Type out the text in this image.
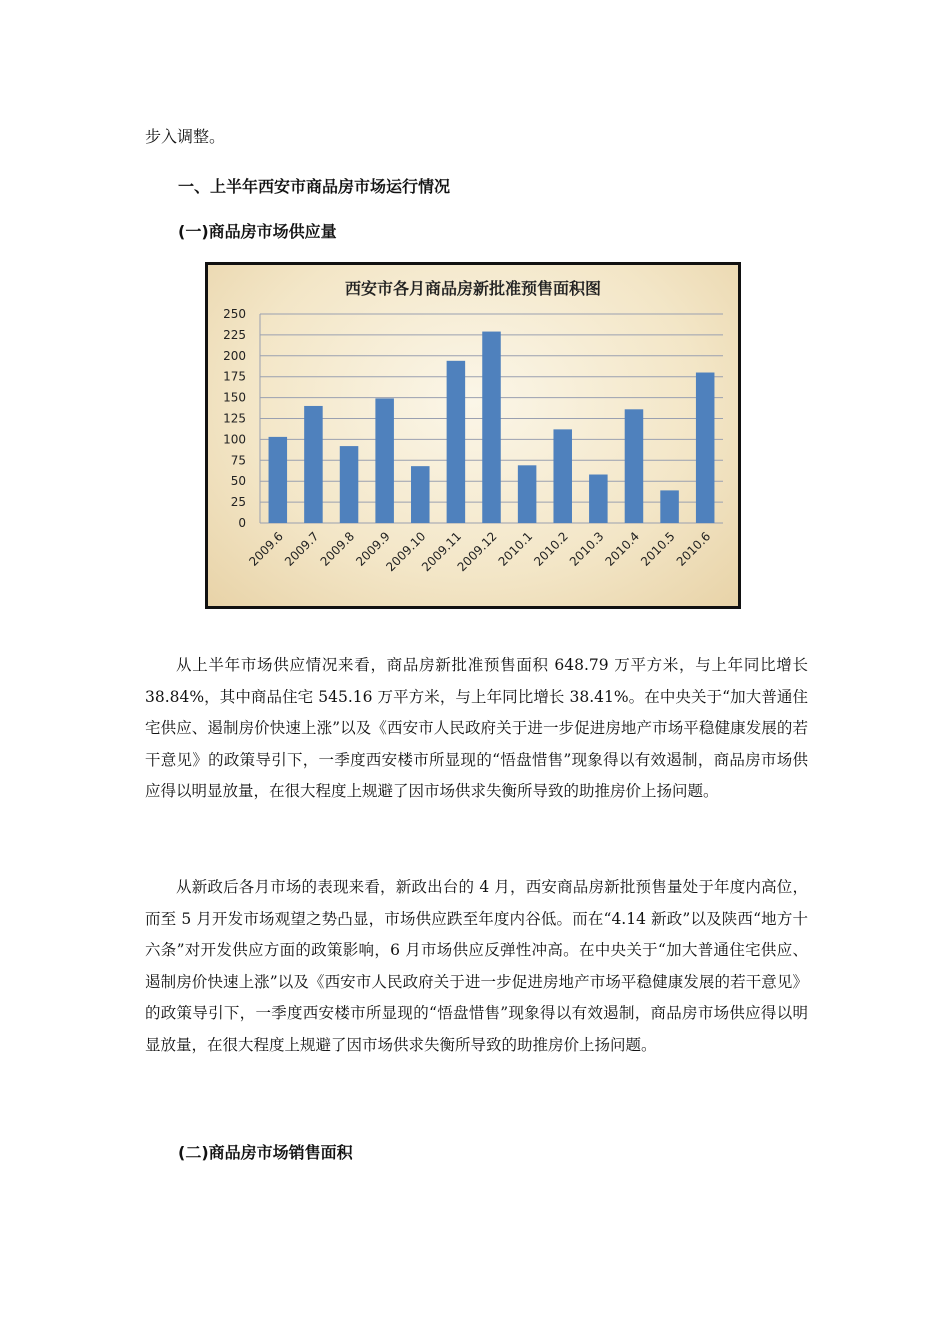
步入调整。
一、上半年西安市商品房市场运行情况
(一)商品房市场供应量
西安市各月商品房新批准预售面积图
0
25
50
75
100
125
150
175
200
225
250
2009.6
2009.7
2009.8
2009.9
2009.10
2009.11
2009.12
2010.1
2010.2
2010.3
2010.4
2010.5
2010.6
从上半年市场供应情况来看，商品房新批准预售面积 648.79 万平方米，与上年同比增长 38.84%，其中商品住宅 545.16 万平方米，与上年同比增长 38.41%。在中央关于“加大普通住宅供应、遏制房价快速上涨”以及《西安市人民政府关于进一步促进房地产市场平稳健康发展的若干意见》的政策导引下，一季度西安楼市所显现的“悟盘惜售”现象得以有效遏制，商品房市场供应得以明显放量，在很大程度上规避了因市场供求失衡所导致的助推房价上扬问题。
从新政后各月市场的表现来看，新政出台的 4 月，西安商品房新批预售量处于年度内高位，而至 5 月开发市场观望之势凸显，市场供应跌至年度内谷低。而在“4.14 新政”以及陕西“地方十六条”对开发供应方面的政策影响，6 月市场供应反弹性冲高。在中央关于“加大普通住宅供应、遏制房价快速上涨”以及《西安市人民政府关于进一步促进房地产市场平稳健康发展的若干意见》的政策导引下，一季度西安楼市所显现的“悟盘惜售”现象得以有效遏制，商品房市场供应得以明显放量，在很大程度上规避了因市场供求失衡所导致的助推房价上扬问题。
(二)商品房市场销售面积
